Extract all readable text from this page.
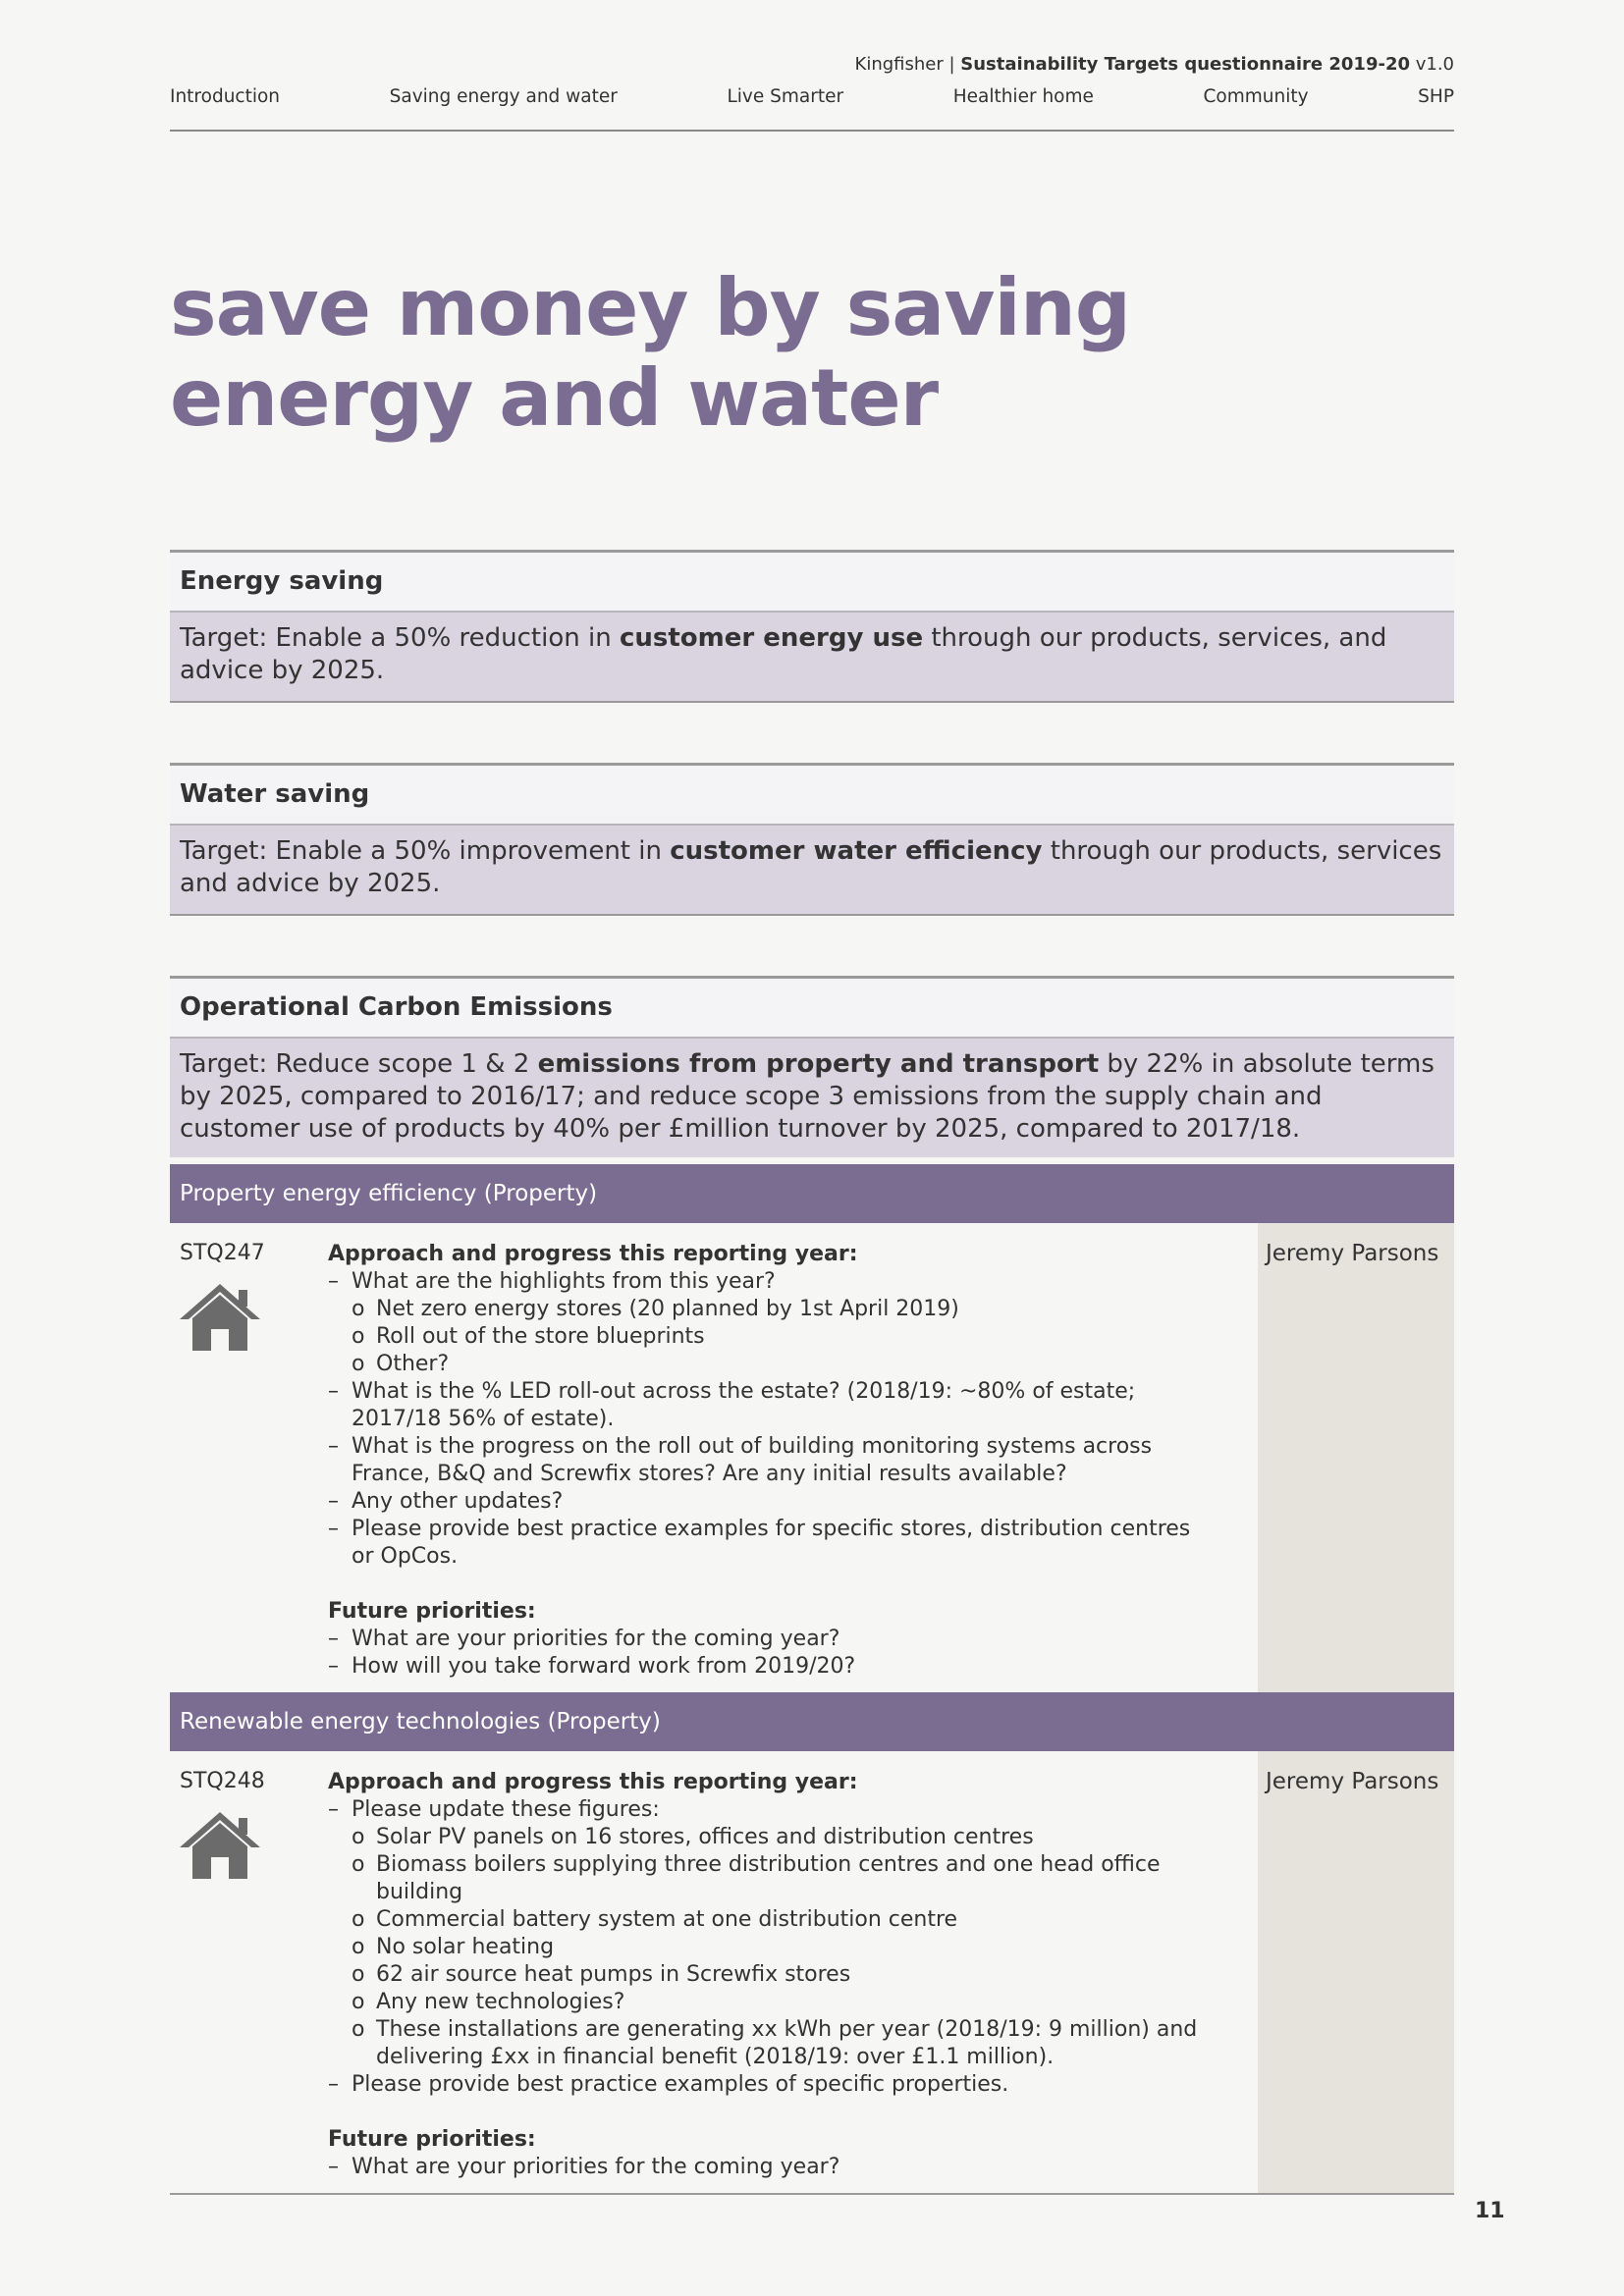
Kingfisher | Sustainability Targets questionnaire 2019-20 v1.0
Introduction	Saving energy and water	Live Smarter	Healthier home	Community	SHP
save money by saving
energy and water
Energy saving
Target: Enable a 50% reduction in customer energy use through our products, services, and advice by 2025.
Water saving
Target: Enable a 50% improvement in customer water efficiency through our products, services and advice by 2025.
Operational Carbon Emissions
Target: Reduce scope 1 & 2 emissions from property and transport by 22% in absolute terms by 2025, compared to 2016/17; and reduce scope 3 emissions from the supply chain and customer use of products by 40% per £million turnover by 2025, compared to 2017/18.
Property energy efficiency (Property)
STQ247	Approach and progress this reporting year:
– What are the highlights from this year?
o Net zero energy stores (20 planned by 1st April 2019)
o Roll out of the store blueprints
o Other?
– What is the % LED roll-out across the estate? (2018/19: ~80% of estate; 2017/18 56% of estate).
– What is the progress on the roll out of building monitoring systems across France, B&Q and Screwfix stores? Are any initial results available?
– Any other updates?
– Please provide best practice examples for specific stores, distribution centres or OpCos.
Future priorities:
– What are your priorities for the coming year?
– How will you take forward work from 2019/20?
Jeremy Parsons
Renewable energy technologies (Property)
STQ248	Approach and progress this reporting year:
– Please update these figures:
o Solar PV panels on 16 stores, offices and distribution centres
o Biomass boilers supplying three distribution centres and one head office building
o Commercial battery system at one distribution centre
o No solar heating
o 62 air source heat pumps in Screwfix stores
o Any new technologies?
o These installations are generating xx kWh per year (2018/19: 9 million) and delivering £xx in financial benefit (2018/19: over £1.1 million).
– Please provide best practice examples of specific properties.
Future priorities:
– What are your priorities for the coming year?
Jeremy Parsons
11
